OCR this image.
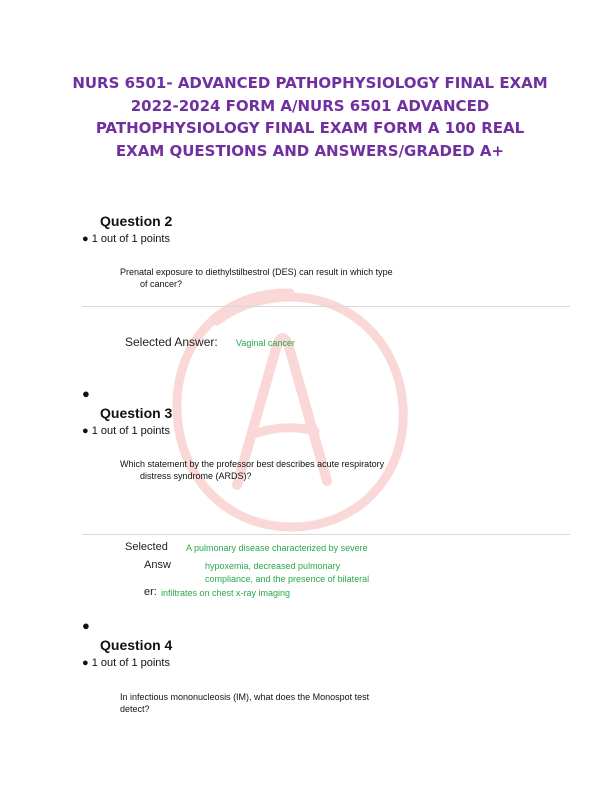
NURS 6501- ADVANCED PATHOPHYSIOLOGY FINAL EXAM
2022-2024 FORM A/NURS 6501 ADVANCED
PATHOPHYSIOLOGY FINAL EXAM FORM A 100 REAL
EXAM QUESTIONS AND ANSWERS/GRADED A+
Question 2
● 1 out of 1 points
Prenatal exposure to diethylstilbestrol (DES) can result in which type
of cancer?
Selected Answer: Vaginal cancer
●
Question 3
● 1 out of 1 points
Which statement by the professor best describes acute respiratory
distress syndrome (ARDS)?
Selected
Answ
er:
A pulmonary disease characterized by severe
hypoxemia, decreased pulmonary
compliance, and the presence of bilateral
infiltrates on chest x-ray imaging
●
Question 4
● 1 out of 1 points
In infectious mononucleosis (IM), what does the Monospot test
detect?
